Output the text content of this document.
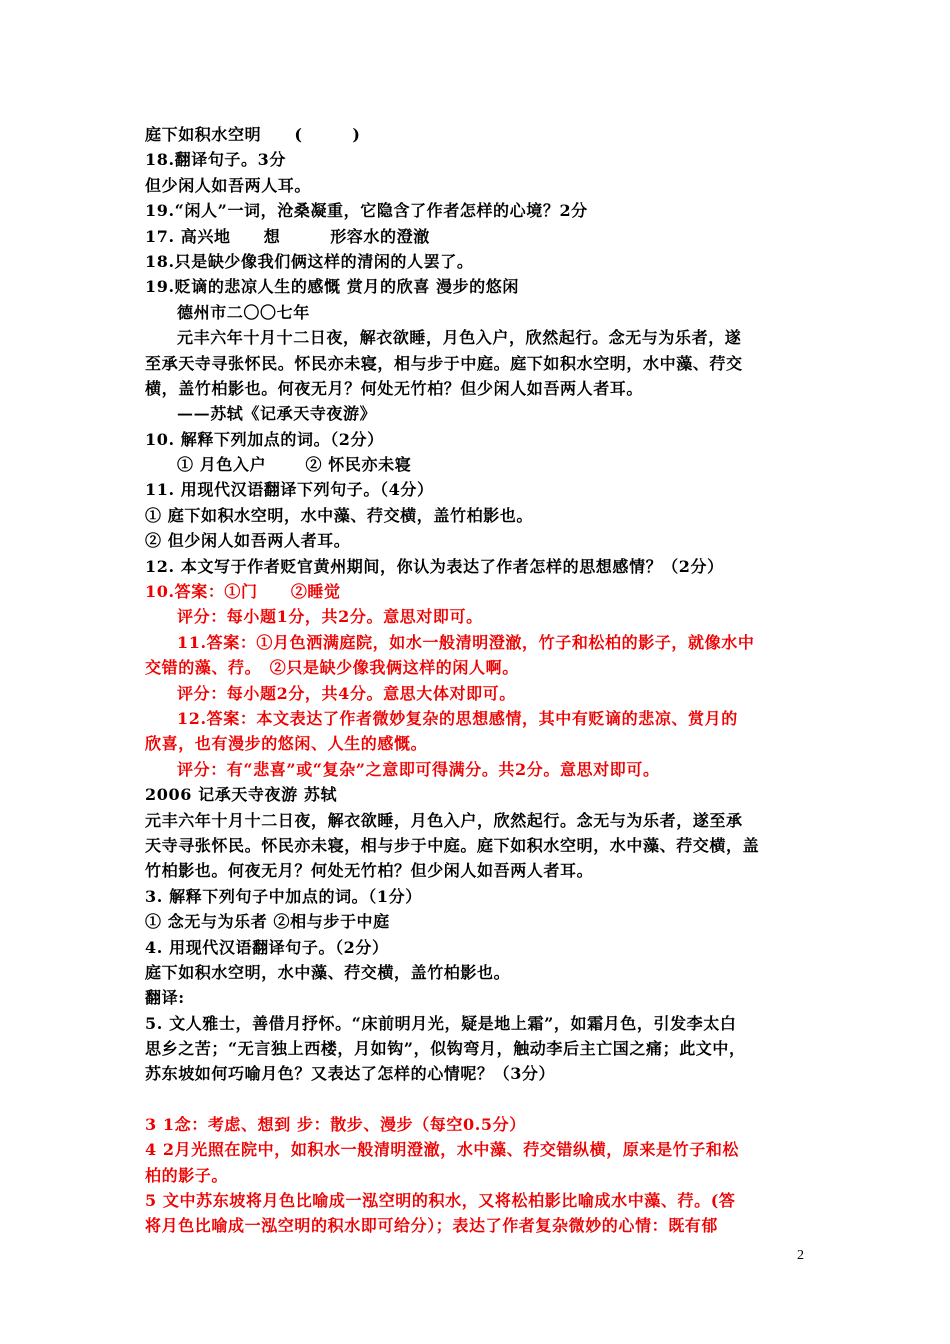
庭下如积水空明　　(　　　)
18.翻译句子。3分
但少闲人如吾两人耳。
19.“闲人”一词，沧桑凝重，它隐含了作者怎样的心境？2分
17. 高兴地　　想　　　形容水的澄澈
18.只是缺少像我们俩这样的清闲的人罢了。
19.贬谪的悲凉人生的感慨 赏月的欣喜 漫步的悠闲
德州市二〇〇七年
元丰六年十月十二日夜，解衣欲睡，月色入户，欣然起行。念无与为乐者，遂
至承天寺寻张怀民。怀民亦未寝，相与步于中庭。庭下如积水空明，水中藻、荇交
横，盖竹柏影也。何夜无月？何处无竹柏？但少闲人如吾两人者耳。
——苏轼《记承天寺夜游》
10. 解释下列加点的词。（2分）
① 月色入户　　 ② 怀民亦未寝
11. 用现代汉语翻译下列句子。（4分）
① 庭下如积水空明，水中藻、荇交横，盖竹柏影也。
② 但少闲人如吾两人者耳。
12. 本文写于作者贬官黄州期间，你认为表达了作者怎样的思想感情？（2分）
10.答案：①门　　②睡觉
评分：每小题1分，共2分。意思对即可。
11.答案：①月色洒满庭院，如水一般清明澄澈，竹子和松柏的影子，就像水中
交错的藻、荇。　②只是缺少像我俩这样的闲人啊。
评分：每小题2分，共4分。意思大体对即可。
12.答案：本文表达了作者微妙复杂的思想感情，其中有贬谪的悲凉、赏月的
欣喜，也有漫步的悠闲、人生的感慨。
评分：有“悲喜”或“复杂”之意即可得满分。共2分。意思对即可。
2006 记承天寺夜游 苏轼
元丰六年十月十二日夜，解衣欲睡，月色入户，欣然起行。念无与为乐者，遂至承
天寺寻张怀民。怀民亦未寝，相与步于中庭。庭下如积水空明，水中藻、荇交横，盖
竹柏影也。何夜无月？何处无竹柏？但少闲人如吾两人者耳。
3. 解释下列句子中加点的词。（1分）
① 念无与为乐者 ②相与步于中庭
4. 用现代汉语翻译句子。（2分）
庭下如积水空明，水中藻、荇交横，盖竹柏影也。
翻译:
5. 文人雅士，善借月抒怀。“床前明月光，疑是地上霜”，如霜月色，引发李太白
思乡之苦；“无言独上西楼，月如钩”，似钩弯月，触动李后主亡国之痛；此文中，
苏东坡如何巧喻月色？又表达了怎样的心情呢？（3分）
3 1念：考虑、想到 步：散步、漫步（每空0.5分）
4 2月光照在院中，如积水一般清明澄澈，水中藻、荇交错纵横，原来是竹子和松
柏的影子。
5 文中苏东坡将月色比喻成一泓空明的积水，又将松柏影比喻成水中藻、荇。(答
将月色比喻成一泓空明的积水即可给分）；表达了作者复杂微妙的心情：既有郁
2
